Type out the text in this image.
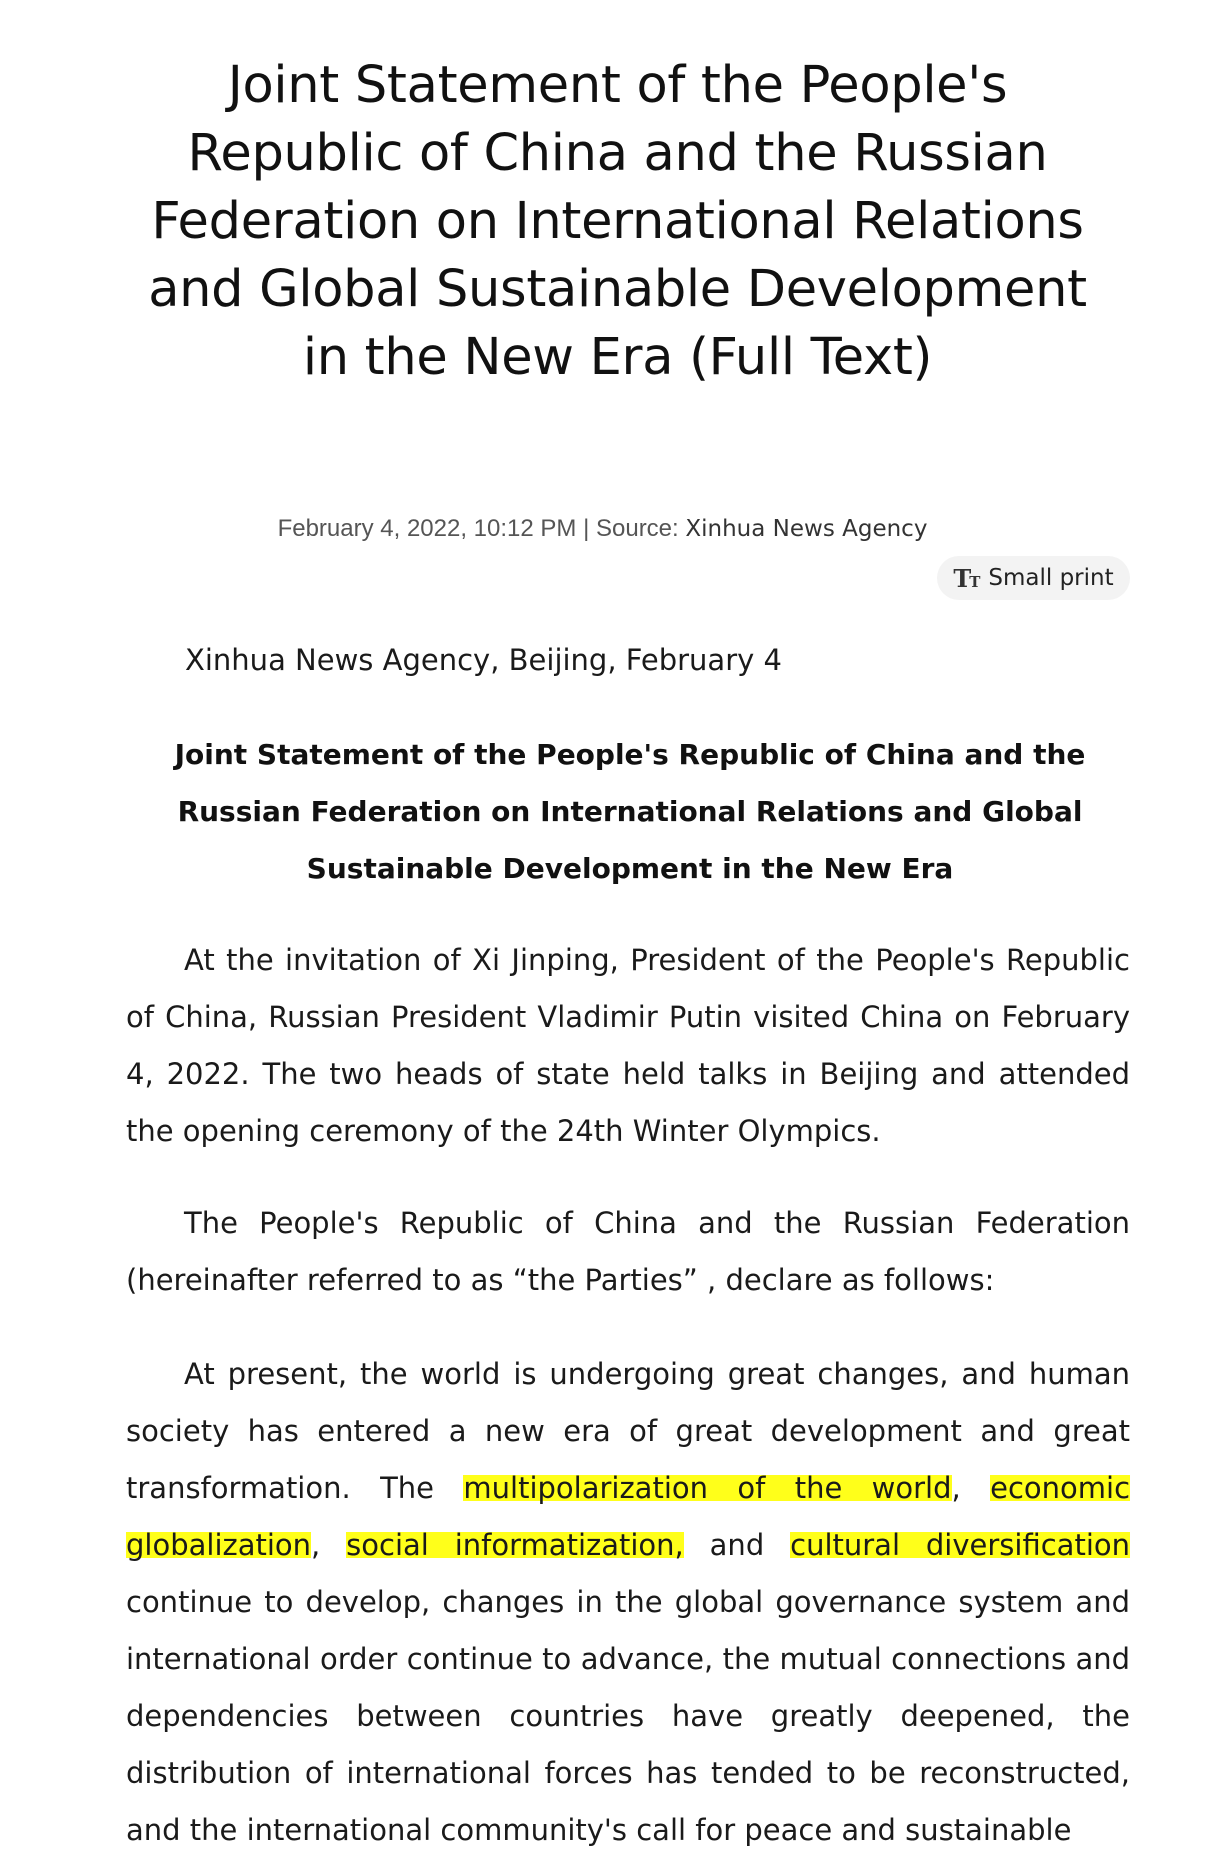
Joint Statement of the People's Republic of China and the Russian Federation on International Relations and Global Sustainable Development in the New Era (Full Text)
February 4, 2022, 10:12 PM | Source: Xinhua News Agency
TT Small print
Xinhua News Agency, Beijing, February 4
Joint Statement of the People's Republic of China and the Russian Federation on International Relations and Global Sustainable Development in the New Era

At the invitation of Xi Jinping, President of the People's Republic of China, Russian President Vladimir Putin visited China on February 4, 2022. The two heads of state held talks in Beijing and attended the opening ceremony of the 24th Winter Olympics.

The People's Republic of China and the Russian Federation (hereinafter referred to as “the Parties” , declare as follows:

At present, the world is undergoing great changes, and human society has entered a new era of great development and great transformation. The multipolarization of the world, economic globalization, social informatization, and cultural diversification continue to develop, changes in the global governance system and international order continue to advance, the mutual connections and dependencies between countries have greatly deepened, the distribution of international forces has tended to be reconstructed, and the international community's call for peace and sustainable
